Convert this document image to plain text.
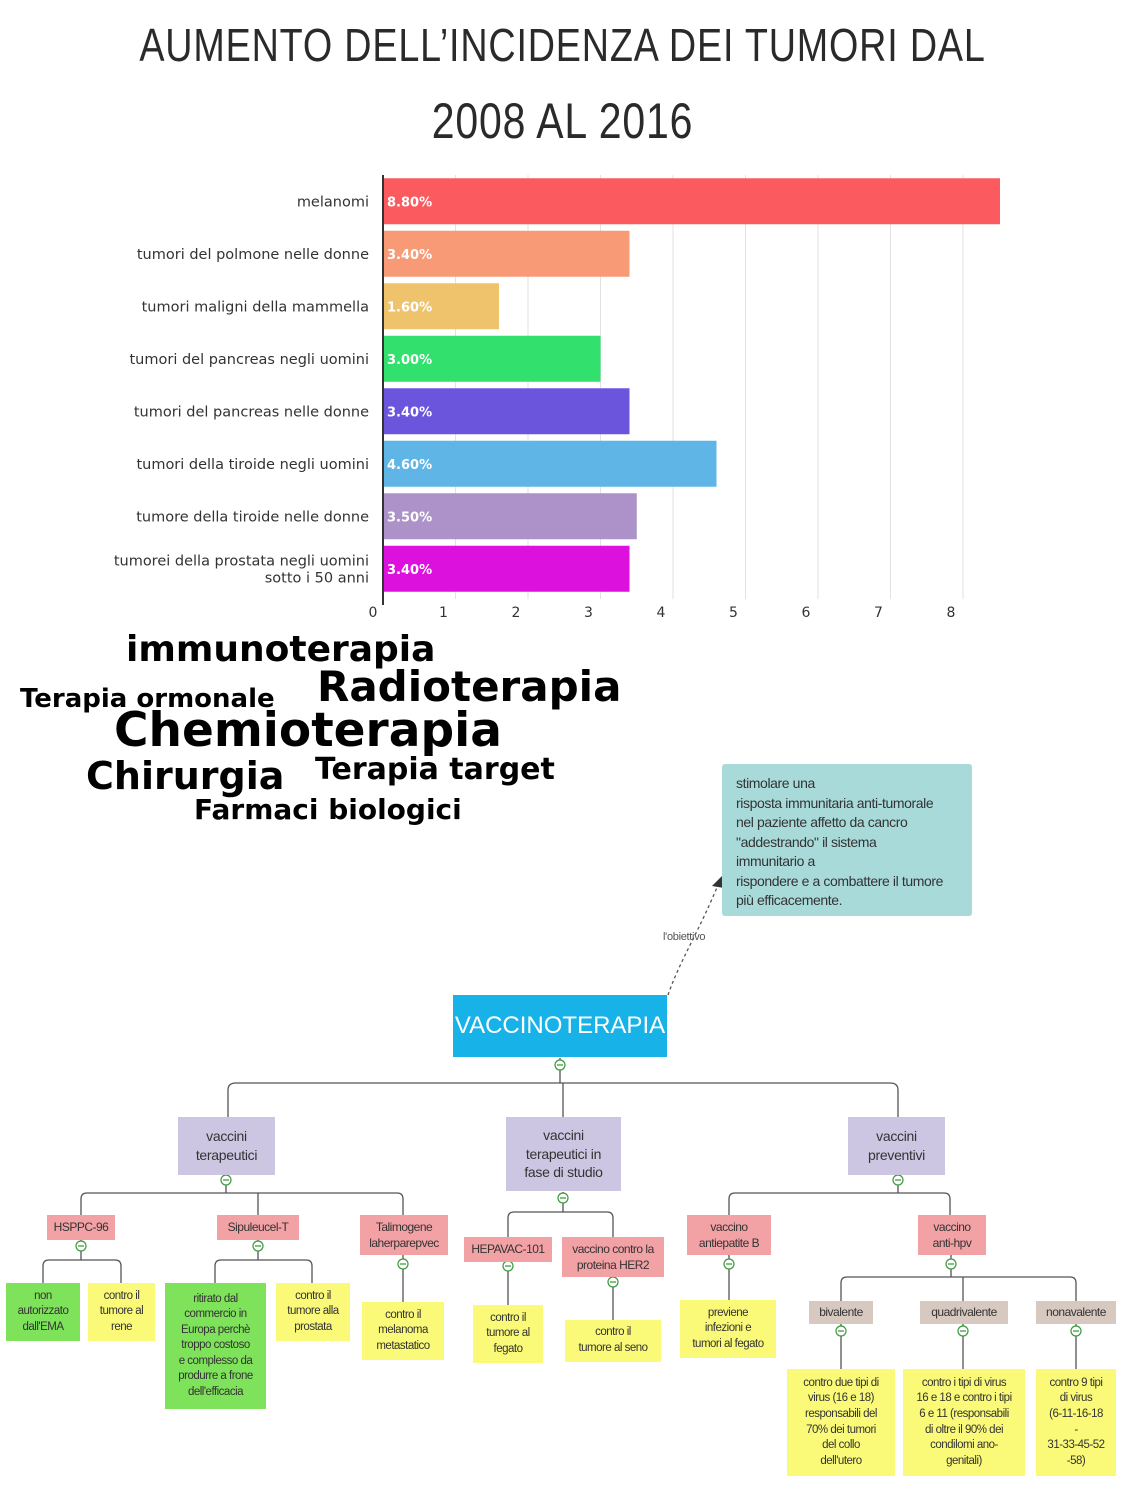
AUMENTO DELL’INCIDENZA DEI TUMORI DAL
2008 AL 2016
8.80%
melanomi
3.40%
tumori del polmone nelle donne
1.60%
tumori maligni della mammella
3.00%
tumori del pancreas negli uomini
3.40%
tumori del pancreas nelle donne
4.60%
tumori della tiroide negli uomini
3.50%
tumore della tiroide nelle donne
3.40%
tumorei della prostata negli uomini
sotto i 50 anni
0	1	2	3	4	5	6	7	8
immunoterapia
Radioterapia
Terapia ormonale
Chemioterapia
Chirurgia Terapia target
Farmaci biologici
stimolare una
risposta immunitaria anti-tumorale
nel paziente affetto da cancro
"addestrando" il sistema
immunitario a
rispondere e a combattere il tumore
più efficacemente.
l'obiettivo
VACCINOTERAPIA
vaccini
terapeutici
vaccini
terapeutici in
fase di studio
vaccini
preventivi
HSPPC-96	Sipuleucel-T	Talimogene
laherparepvec	HEPAVAC-101 vaccino contro la
proteina HER2
vaccino
antiepatite B
vaccino
anti-hpv
bivalente	quadrivalente	nonavalente
non
autorizzato
dall'EMA
contro il
tumore al
rene
ritirato dal
commercio in
Europa perchè
troppo costoso
e complesso da
produrre a frone
dell'efficacia
contro il
tumore alla
prostata
contro il
melanoma
metastatico
contro il
tumore al
fegato
contro il
tumore al seno
previene
infezioni e
tumori al fegato
contro due tipi di
virus (16 e 18)
responsabili del
70% dei tumori
del collo
dell'utero
contro i tipi di virus
16 e 18 e contro i tipi
6 e 11 (responsabili
di oltre il 90% dei
condilomi ano-
genitali)
contro 9 tipi
di virus
(6-11-16-18
-
31-33-45-52
-58)
